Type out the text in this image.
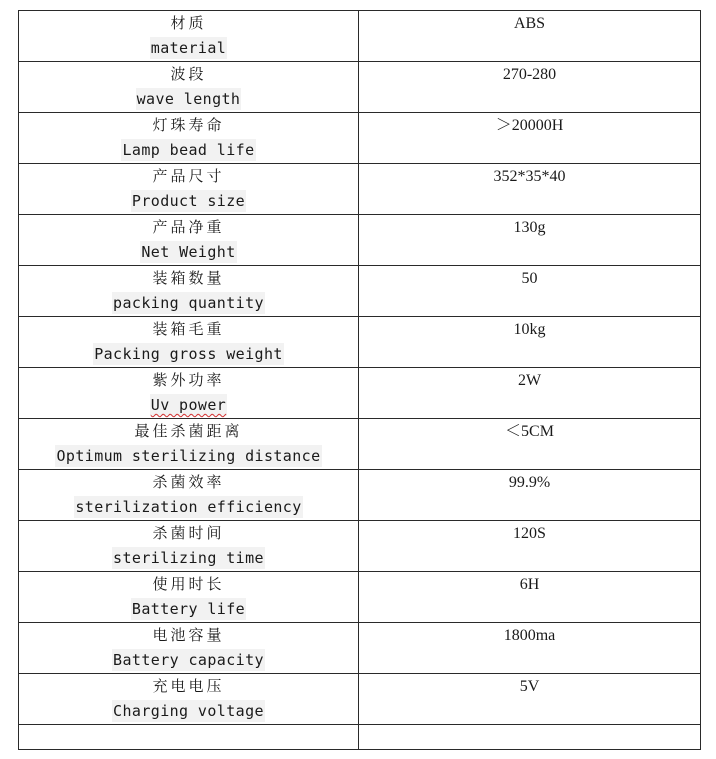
材质
material	ABS

波段
wave length	270-280

灯珠寿命
Lamp bead life	＞20000H

产品尺寸
Product size	352*35*40

产品净重
Net Weight	130g

装箱数量
packing quantity	50

装箱毛重
Packing gross weight	10kg

紫外功率
Uv power	2W

最佳杀菌距离
Optimum sterilizing distance	＜5CM

杀菌效率
sterilization efficiency	99.9%

杀菌时间
sterilizing time	120S

使用时长
Battery life	6H

电池容量
Battery capacity	1800ma

充电电压
Charging voltage	5V
